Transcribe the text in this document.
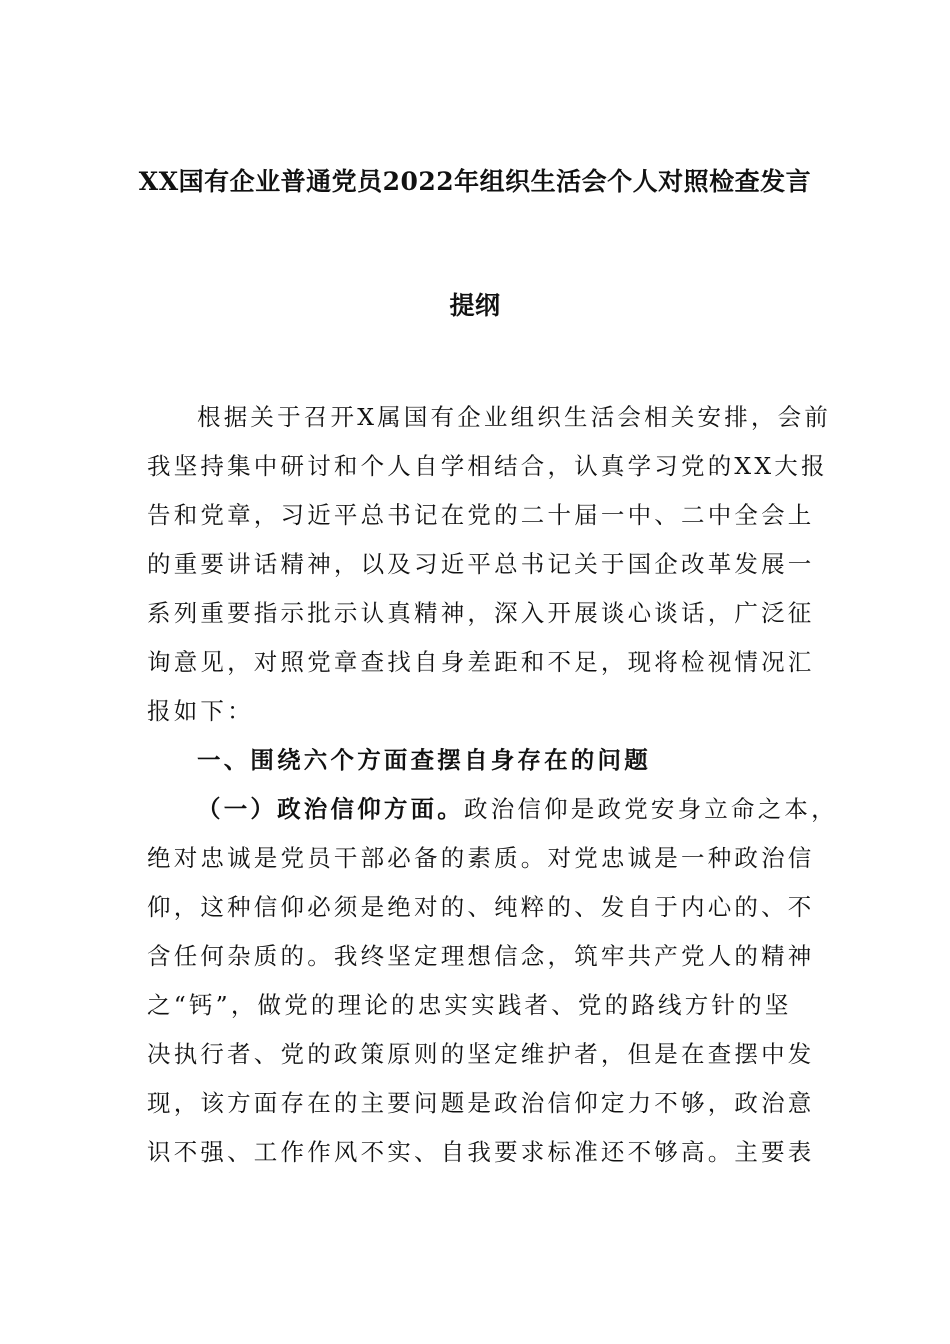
XX国有企业普通党员2022年组织生活会个人对照检查发言
提纲
根据关于召开X属国有企业组织生活会相关安排，会前
我坚持集中研讨和个人自学相结合，认真学习党的XX大报
告和党章，习近平总书记在党的二十届一中、二中全会上
的重要讲话精神，以及习近平总书记关于国企改革发展一
系列重要指示批示认真精神，深入开展谈心谈话，广泛征
询意见，对照党章查找自身差距和不足，现将检视情况汇
报如下：
一、围绕六个方面查摆自身存在的问题
（一）政治信仰方面。政治信仰是政党安身立命之本，
绝对忠诚是党员干部必备的素质。对党忠诚是一种政治信
仰，这种信仰必须是绝对的、纯粹的、发自于内心的、不
含任何杂质的。我终坚定理想信念，筑牢共产党人的精神
之“钙”，做党的理论的忠实实践者、党的路线方针的坚
决执行者、党的政策原则的坚定维护者，但是在查摆中发
现，该方面存在的主要问题是政治信仰定力不够，政治意
识不强、工作作风不实、自我要求标准还不够高。主要表
